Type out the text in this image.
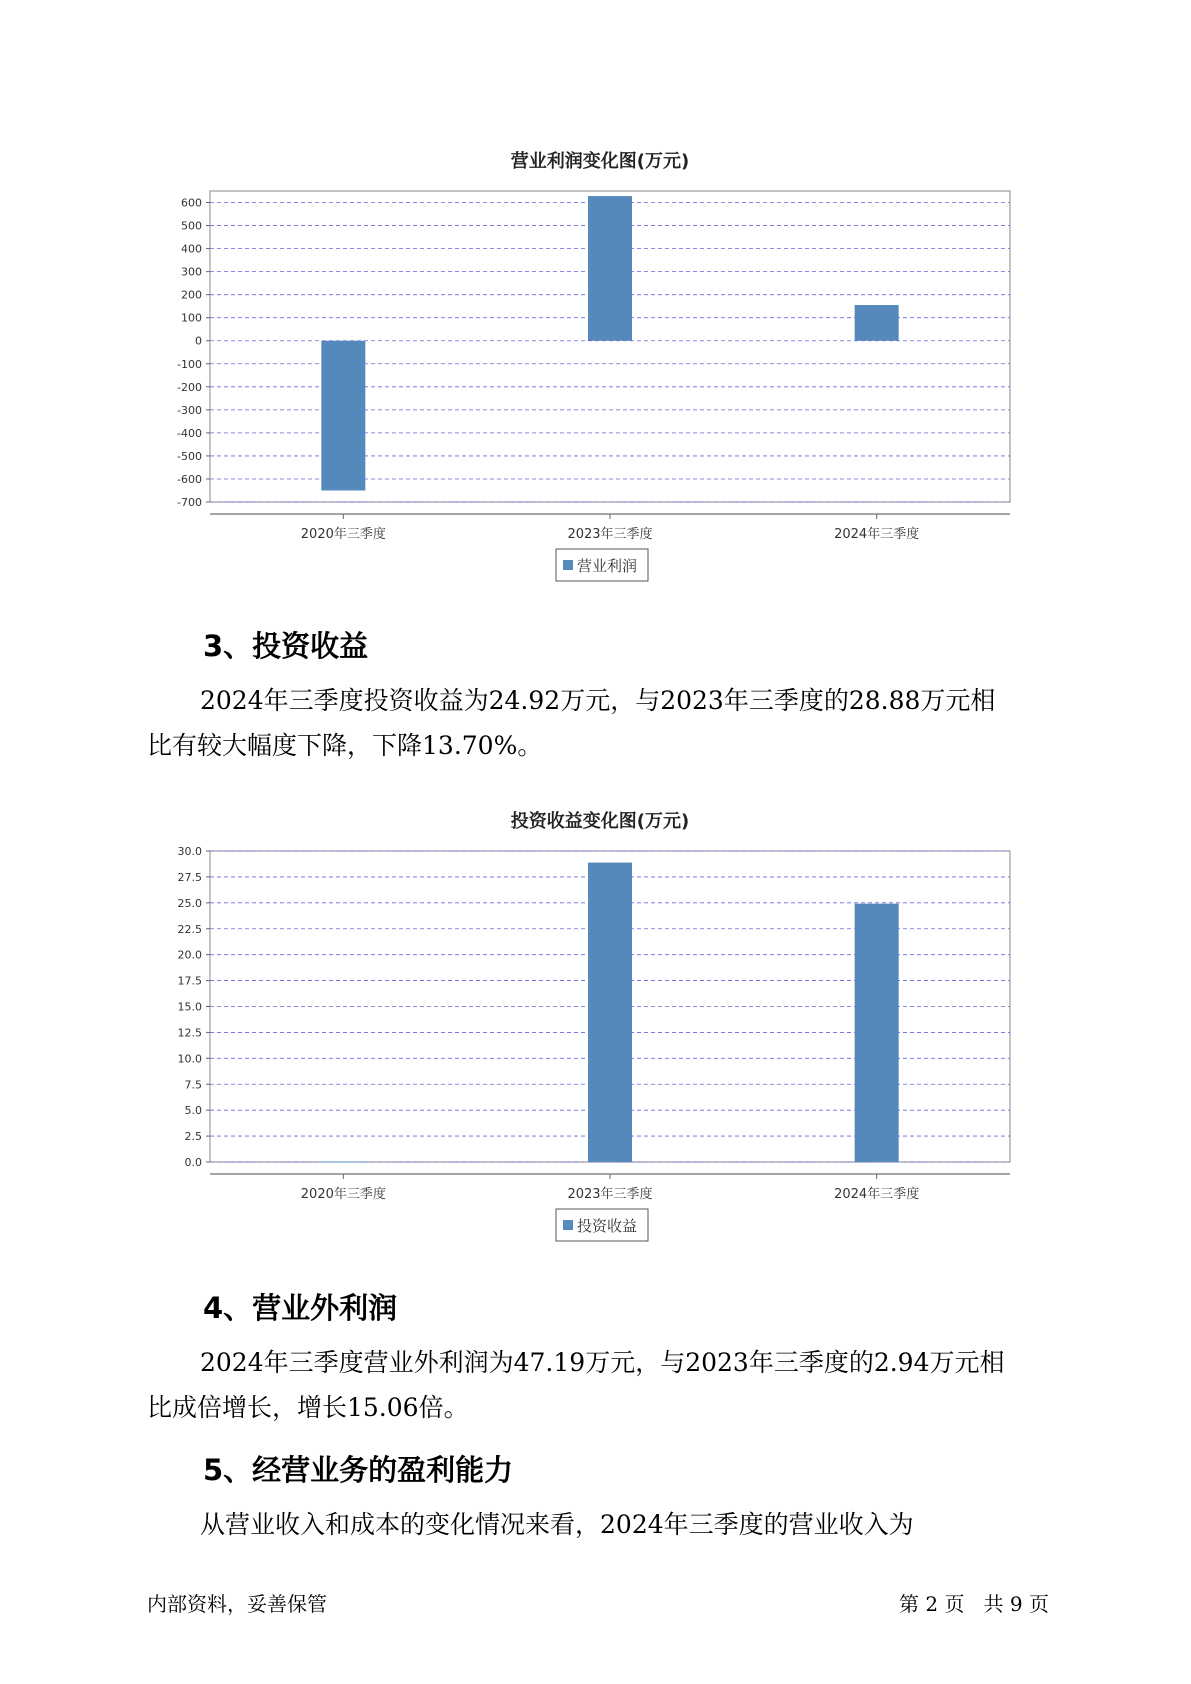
营业利润变化图(万元)
600
500
400
300
200
100
0
-100
-200
-300
-400
-500
-600
-700
2020年三季度	2023年三季度	2024年三季度
营业利润
3、投资收益
2024年三季度投资收益为24.92万元，与2023年三季度的28.88万元相
比有较大幅度下降，下降13.70%。
投资收益变化图(万元)
30.0
27.5
25.0
22.5
20.0
17.5
15.0
12.5
10.0
7.5
5.0
2.5
0.0
2020年三季度	2023年三季度	2024年三季度
投资收益
4、营业外利润
2024年三季度营业外利润为47.19万元，与2023年三季度的2.94万元相
比成倍增长，增长15.06倍。
5、经营业务的盈利能力
从营业收入和成本的变化情况来看，2024年三季度的营业收入为
内部资料，妥善保管	第 2 页   共 9 页
